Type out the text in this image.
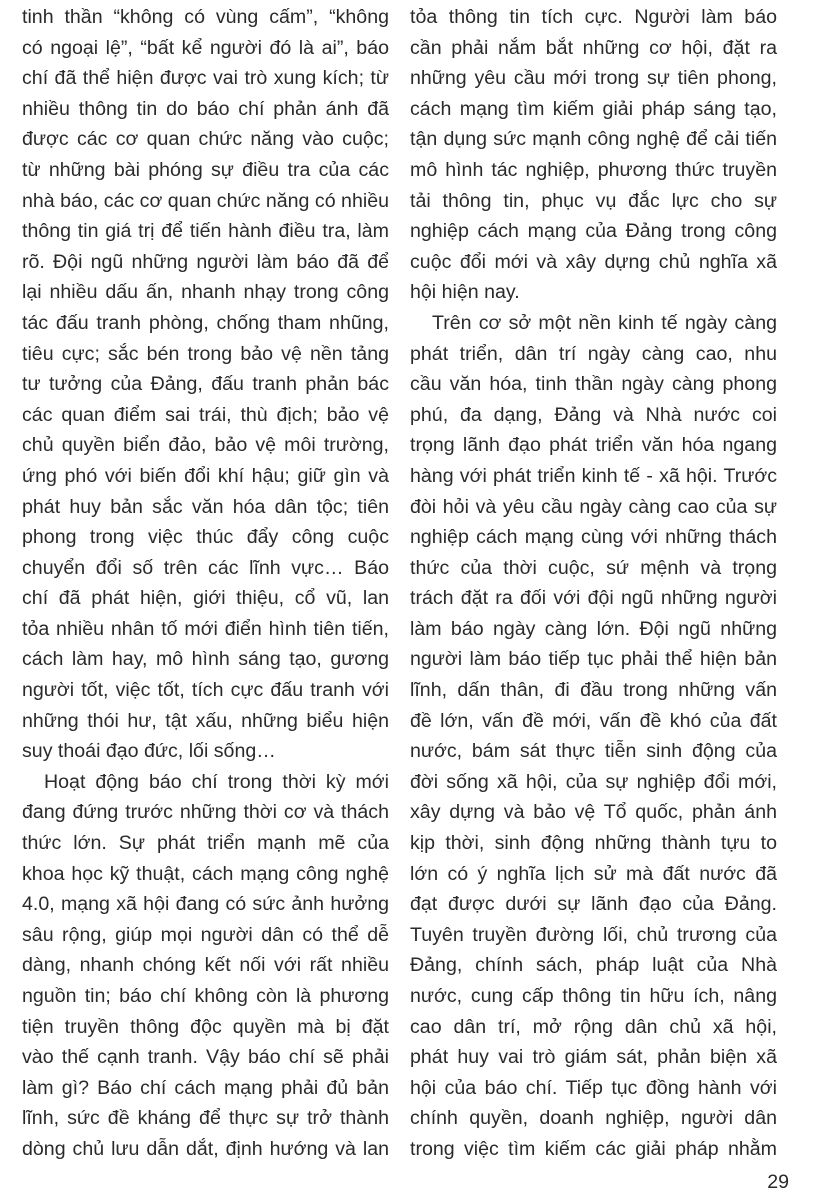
tinh thần “không có vùng cấm”, “không
có ngoại lệ”, “bất kể người đó là ai”, báo
chí đã thể hiện được vai trò xung kích; từ
nhiều thông tin do báo chí phản ánh đã
được các cơ quan chức năng vào cuộc;
từ những bài phóng sự điều tra của các
nhà báo, các cơ quan chức năng có nhiều
thông tin giá trị để tiến hành điều tra, làm
rõ. Đội ngũ những người làm báo đã để
lại nhiều dấu ấn, nhanh nhạy trong công
tác đấu tranh phòng, chống tham nhũng,
tiêu cực; sắc bén trong bảo vệ nền tảng
tư tưởng của Đảng, đấu tranh phản bác
các quan điểm sai trái, thù địch; bảo vệ
chủ quyền biển đảo, bảo vệ môi trường,
ứng phó với biến đổi khí hậu; giữ gìn và
phát huy bản sắc văn hóa dân tộc; tiên
phong trong việc thúc đẩy công cuộc
chuyển đổi số trên các lĩnh vực… Báo
chí đã phát hiện, giới thiệu, cổ vũ, lan
tỏa nhiều nhân tố mới điển hình tiên tiến,
cách làm hay, mô hình sáng tạo, gương
người tốt, việc tốt, tích cực đấu tranh với
những thói hư, tật xấu, những biểu hiện
suy thoái đạo đức, lối sống…
Hoạt động báo chí trong thời kỳ mới
đang đứng trước những thời cơ và thách
thức lớn. Sự phát triển mạnh mẽ của
khoa học kỹ thuật, cách mạng công nghệ
4.0, mạng xã hội đang có sức ảnh hưởng
sâu rộng, giúp mọi người dân có thể dễ
dàng, nhanh chóng kết nối với rất nhiều
nguồn tin; báo chí không còn là phương
tiện truyền thông độc quyền mà bị đặt
vào thế cạnh tranh. Vậy báo chí sẽ phải
làm gì? Báo chí cách mạng phải đủ bản
lĩnh, sức đề kháng để thực sự trở thành
dòng chủ lưu dẫn dắt, định hướng và lan
tỏa thông tin tích cực. Người làm báo
cần phải nắm bắt những cơ hội, đặt ra
những yêu cầu mới trong sự tiên phong,
cách mạng tìm kiếm giải pháp sáng tạo,
tận dụng sức mạnh công nghệ để cải tiến
mô hình tác nghiệp, phương thức truyền
tải thông tin, phục vụ đắc lực cho sự
nghiệp cách mạng của Đảng trong công
cuộc đổi mới và xây dựng chủ nghĩa xã
hội hiện nay.
Trên cơ sở một nền kinh tế ngày càng
phát triển, dân trí ngày càng cao, nhu
cầu văn hóa, tinh thần ngày càng phong
phú, đa dạng, Đảng và Nhà nước coi
trọng lãnh đạo phát triển văn hóa ngang
hàng với phát triển kinh tế - xã hội. Trước
đòi hỏi và yêu cầu ngày càng cao của sự
nghiệp cách mạng cùng với những thách
thức của thời cuộc, sứ mệnh và trọng
trách đặt ra đối với đội ngũ những người
làm báo ngày càng lớn. Đội ngũ những
người làm báo tiếp tục phải thể hiện bản
lĩnh, dấn thân, đi đầu trong những vấn
đề lớn, vấn đề mới, vấn đề khó của đất
nước, bám sát thực tiễn sinh động của
đời sống xã hội, của sự nghiệp đổi mới,
xây dựng và bảo vệ Tổ quốc, phản ánh
kịp thời, sinh động những thành tựu to
lớn có ý nghĩa lịch sử mà đất nước đã
đạt được dưới sự lãnh đạo của Đảng.
Tuyên truyền đường lối, chủ trương của
Đảng, chính sách, pháp luật của Nhà
nước, cung cấp thông tin hữu ích, nâng
cao dân trí, mở rộng dân chủ xã hội,
phát huy vai trò giám sát, phản biện xã
hội của báo chí. Tiếp tục đồng hành với
chính quyền, doanh nghiệp, người dân
trong việc tìm kiếm các giải pháp nhằm
29
